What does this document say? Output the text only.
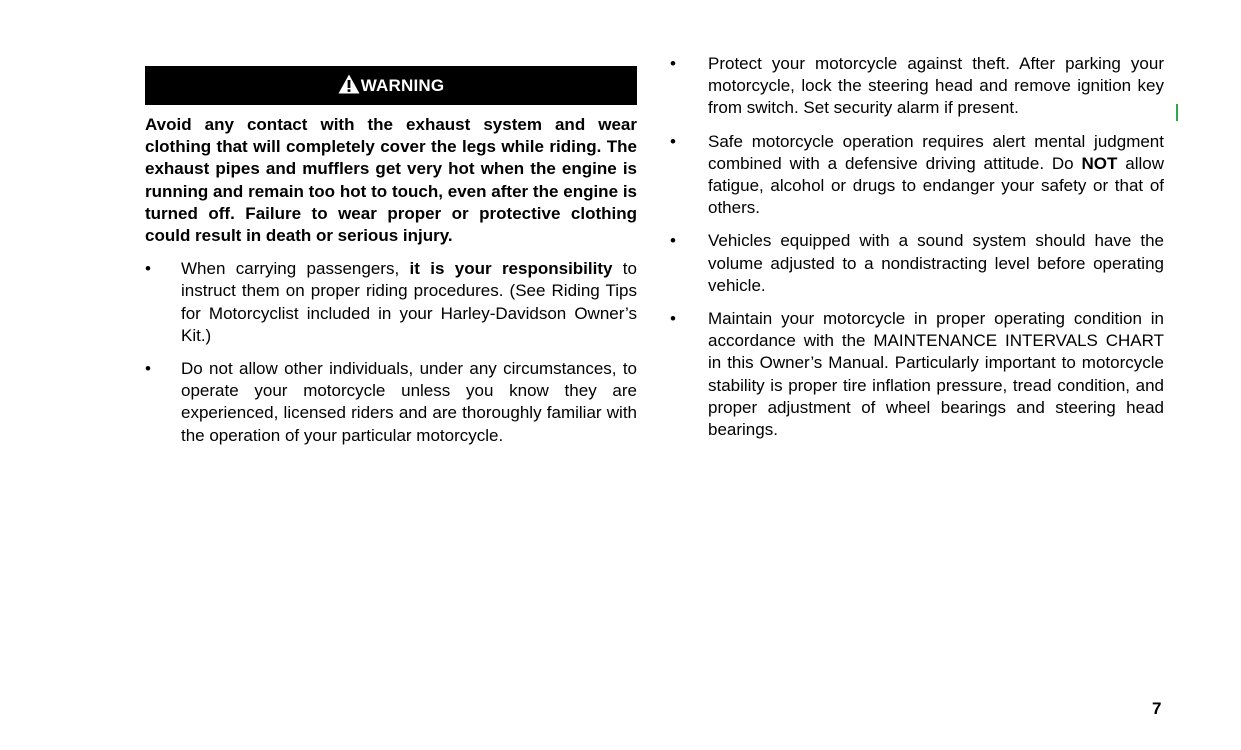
WARNING
Avoid any contact with the exhaust system and wear clothing that will completely cover the legs while riding. The exhaust pipes and mufflers get very hot when the engine is running and remain too hot to touch, even after the engine is turned off. Failure to wear proper or protective clothing could result in death or serious injury.
• When carrying passengers, it is your responsibility to instruct them on proper riding procedures. (See Riding Tips for Motorcyclist included in your Harley-Davidson Owner’s Kit.)
• Do not allow other individuals, under any circumstances, to operate your motorcycle unless you know they are experienced, licensed riders and are thoroughly familiar with the operation of your particular motorcycle.
• Protect your motorcycle against theft. After parking your motorcycle, lock the steering head and remove ignition key from switch. Set security alarm if present.
• Safe motorcycle operation requires alert mental judgment combined with a defensive driving attitude. Do NOT allow fatigue, alcohol or drugs to endanger your safety or that of others.
• Vehicles equipped with a sound system should have the volume adjusted to a nondistracting level before operating vehicle.
• Maintain your motorcycle in proper operating condition in accordance with the MAINTENANCE INTERVALS CHART in this Owner’s Manual. Particularly important to motorcycle stability is proper tire inflation pressure, tread condition, and proper adjustment of wheel bearings and steering head bearings.
7
